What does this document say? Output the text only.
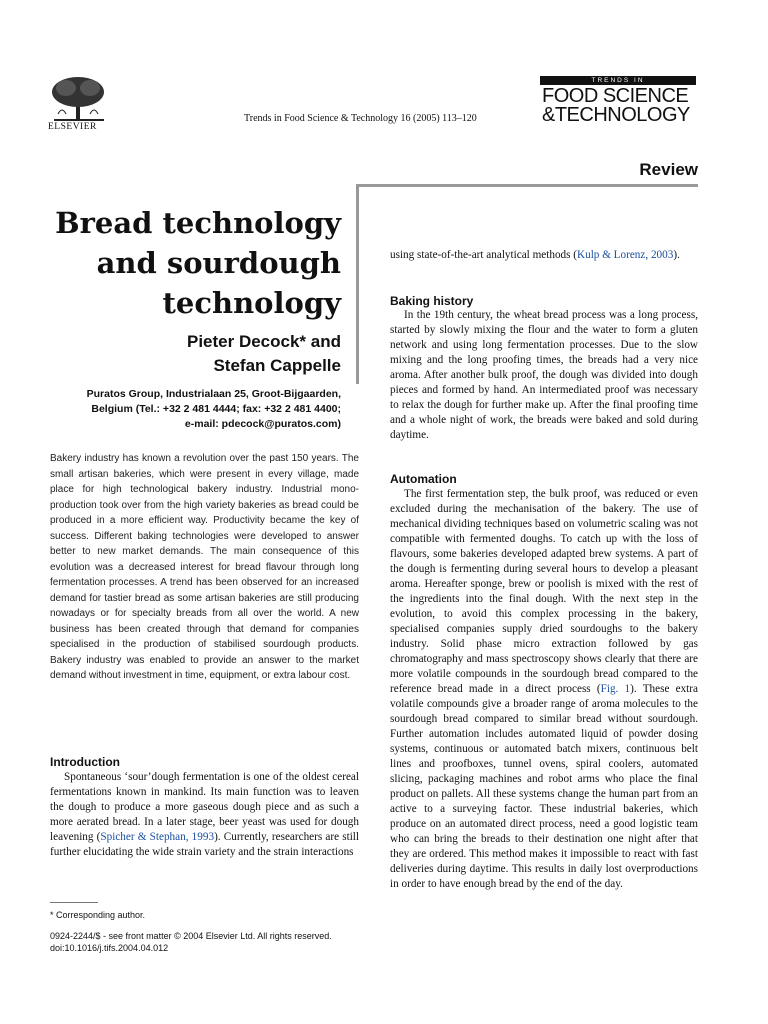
ELSEVIER
Trends in Food Science & Technology 16 (2005) 113–120
TRENDS IN
FOOD SCIENCE
&TECHNOLOGY
Review
Bread technology
and sourdough
technology
Pieter Decock* and
Stefan Cappelle
Puratos Group, Industrialaan 25, Groot-Bijgaarden,
Belgium (Tel.: +32 2 481 4444; fax: +32 2 481 4400;
e-mail: pdecock@puratos.com)
Bakery industry has known a revolution over the past 150 years. The small artisan bakeries, which were present in every village, made place for high technological bakery industry. Industrial mono-production took over from the high variety bakeries as bread could be produced in a more efficient way. Productivity became the key of success. Different baking technologies were developed to answer better to new market demands. The main consequence of this evolution was a decreased interest for bread flavour through long fermentation processes. A trend has been observed for an increased demand for tastier bread as some artisan bakeries are still producing nowadays or for specialty breads from all over the world. A new business has been created through that demand for companies specialised in the production of stabilised sourdough products. Bakery industry was enabled to provide an answer to the market demand without investment in time, equipment, or extra labour cost.
Introduction

Spontaneous ‘sour’dough fermentation is one of the oldest cereal fermentations known in mankind. Its main function was to leaven the dough to produce a more gaseous dough piece and as such a more aerated bread. In a later stage, beer yeast was used for dough leavening (Spicher & Stephan, 1993). Currently, researchers are still further elucidating the wide strain variety and the strain interactions

using state-of-the-art analytical methods (Kulp & Lorenz, 2003).

Baking history

In the 19th century, the wheat bread process was a long process, started by slowly mixing the flour and the water to form a gluten network and using long fermentation processes. Due to the slow mixing and the long proofing times, the breads had a very nice aroma. After another bulk proof, the dough was divided into dough pieces and formed by hand. An intermediated proof was necessary to relax the dough for further make up. After the final proofing time and a whole night of work, the breads were baked and sold during daytime.

Automation

The first fermentation step, the bulk proof, was reduced or even excluded during the mechanisation of the bakery. The use of mechanical dividing techniques based on volumetric scaling was not compatible with fermented doughs. To catch up with the loss of flavours, some bakeries developed adapted brew systems. A part of the dough is fermenting during several hours to develop a pleasant aroma. Hereafter sponge, brew or poolish is mixed with the rest of the ingredients into the final dough. With the next step in the evolution, to avoid this complex processing in the bakery, specialised companies supply dried sourdoughs to the bakery industry. Solid phase micro extraction followed by gas chromatography and mass spectroscopy shows clearly that there are more volatile compounds in the sourdough bread compared to the reference bread made in a direct process (Fig. 1). These extra volatile compounds give a broader range of aroma molecules to the sourdough bread compared to similar bread without sourdough. Further automation includes automated liquid of powder dosing systems, continuous or automated batch mixers, continuous belt lines and proofboxes, tunnel ovens, spiral coolers, automated slicing, packaging machines and robot arms who place the final product on pallets. All these systems change the human part from an active to a surveying factor. These industrial bakeries, which produce on an automated direct process, need a good logistic team who can bring the breads to their destination one night after that they are ordered. This method makes it impossible to react with fast deliveries during daytime. This results in daily lost overproductions in order to have enough bread by the end of the day.

* Corresponding author.
0924-2244/$ - see front matter © 2004 Elsevier Ltd. All rights reserved.
doi:10.1016/j.tifs.2004.04.012
